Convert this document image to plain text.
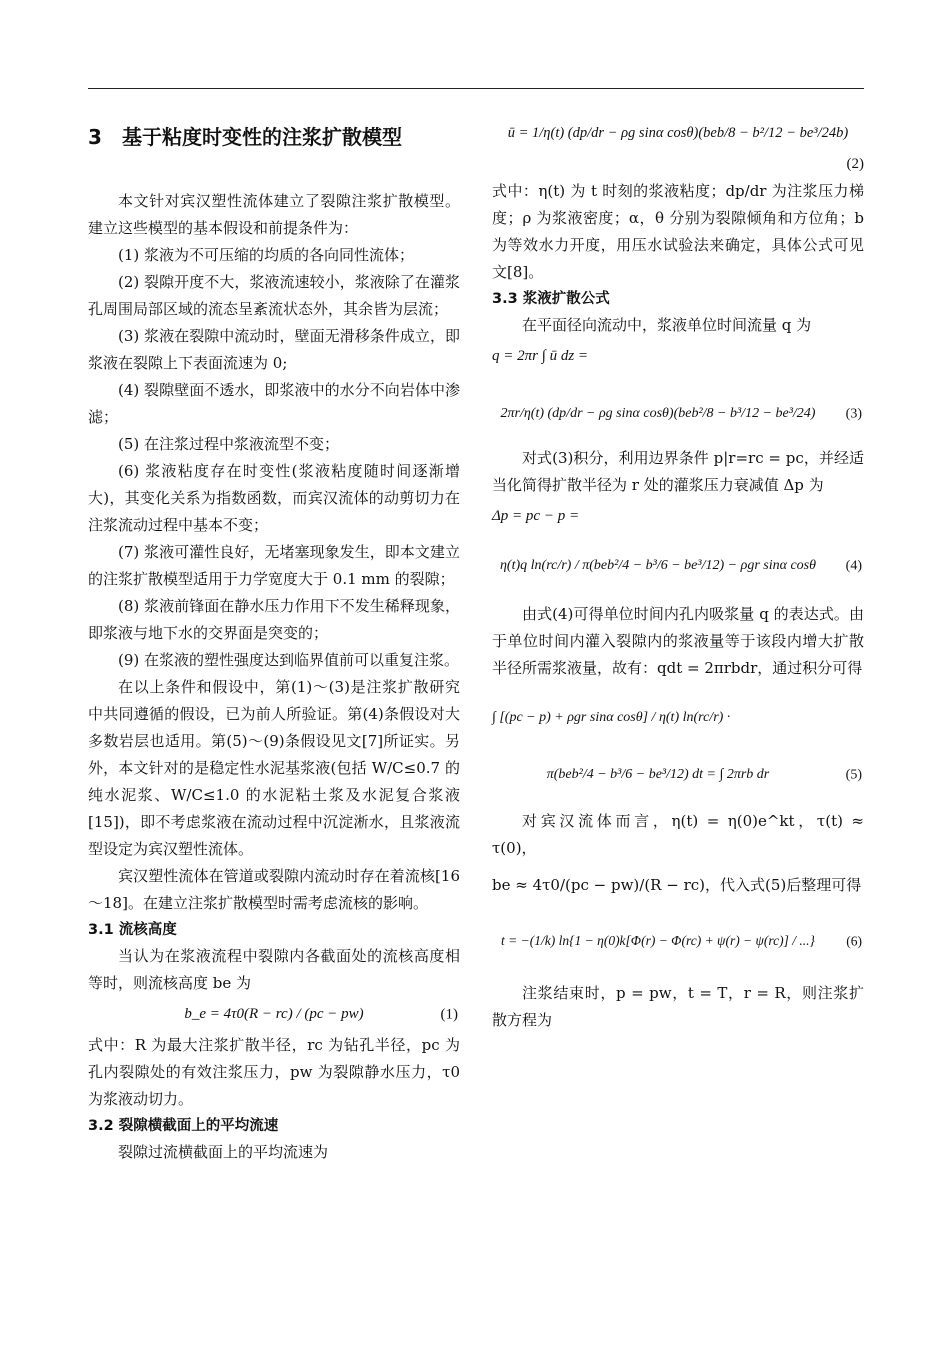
3 基于粘度时变性的注浆扩散模型

本文针对宾汉塑性流体建立了裂隙注浆扩散模型。建立这些模型的基本假设和前提条件为：

(1) 浆液为不可压缩的均质的各向同性流体；

(2) 裂隙开度不大，浆液流速较小，浆液除了在灌浆孔周围局部区域的流态呈紊流状态外，其余皆为层流；

(3) 浆液在裂隙中流动时，壁面无滑移条件成立，即浆液在裂隙上下表面流速为 0;

(4) 裂隙壁面不透水，即浆液中的水分不向岩体中渗滤；

(5) 在注浆过程中浆液流型不变；

(6) 浆液粘度存在时变性(浆液粘度随时间逐渐增大)，其变化关系为指数函数，而宾汉流体的动剪切力在注浆流动过程中基本不变；

(7) 浆液可灌性良好，无堵塞现象发生，即本文建立的注浆扩散模型适用于力学宽度大于 0.1 mm 的裂隙；

(8) 浆液前锋面在静水压力作用下不发生稀释现象，即浆液与地下水的交界面是突变的；

(9) 在浆液的塑性强度达到临界值前可以重复注浆。

在以上条件和假设中，第(1)～(3)是注浆扩散研究中共同遵循的假设，已为前人所验证。第(4)条假设对大多数岩层也适用。第(5)～(9)条假设见文[7]所证实。另外，本文针对的是稳定性水泥基浆液(包括 W/C≤0.7 的纯水泥浆、W/C≤1.0 的水泥粘土浆及水泥复合浆液[15])，即不考虑浆液在流动过程中沉淀淅水，且浆液流型设定为宾汉塑性流体。

宾汉塑性流体在管道或裂隙内流动时存在着流核[16～18]。在建立注浆扩散模型时需考虑流核的影响。

3.1 流核高度

当认为在浆液流程中裂隙内各截面处的流核高度相等时，则流核高度 be 为

b_e = 4τ0(R − rc) / (pc − pw)	(1)

式中：R 为最大注浆扩散半径，rc 为钻孔半径，pc 为孔内裂隙处的有效注浆压力，pw 为裂隙静水压力，τ0 为浆液动切力。

3.2 裂隙横截面上的平均流速

裂隙过流横截面上的平均流速为

ū = 1/η(t) (dp/dr − ρg sinα cosθ)(beb/8 − b²/12 − be³/24b)
(2)

式中：η(t) 为 t 时刻的浆液粘度；dp/dr 为注浆压力梯度；ρ 为浆液密度；α，θ 分别为裂隙倾角和方位角；b 为等效水力开度，用压水试验法来确定，具体公式可见文[8]。

3.3 浆液扩散公式

在平面径向流动中，浆液单位时间流量 q 为

q = 2πr ∫ ū dz =
2πr/η(t) (dp/dr − ρg sinα cosθ)(beb²/8 − b³/12 − be³/24) (3)

对式(3)积分，利用边界条件 p|r=rc = pc，并经适当化简得扩散半径为 r 处的灌浆压力衰减值 Δp 为

Δp = pc − p =
η(t)q ln(rc/r) / π(beb²/4 − b³/6 − be³/12) − ρgr sinα cosθ (4)

由式(4)可得单位时间内孔内吸浆量 q 的表达式。由于单位时间内灌入裂隙内的浆液量等于该段内增大扩散半径所需浆液量，故有：qdt = 2πrbdr，通过积分可得

∫ [(pc − p) + ρgr sinα cosθ] / η(t) ln(rc/r) ·
π(beb²/4 − b³/6 − be³/12) dt = ∫ 2πrb dr	(5)

对宾汉流体而言，η(t) = η(0)e^kt，τ(t) ≈ τ(0)，

be ≈ 4τ0/(pc − pw)/(R − rc)，代入式(5)后整理可得

t = −(1/k) ln{1 − η(0)k[Φ(r) − Φ(rc) + ψ(r) − ψ(rc)] / ...} (6)

注浆结束时，p = pw，t = T，r = R，则注浆扩散方程为
